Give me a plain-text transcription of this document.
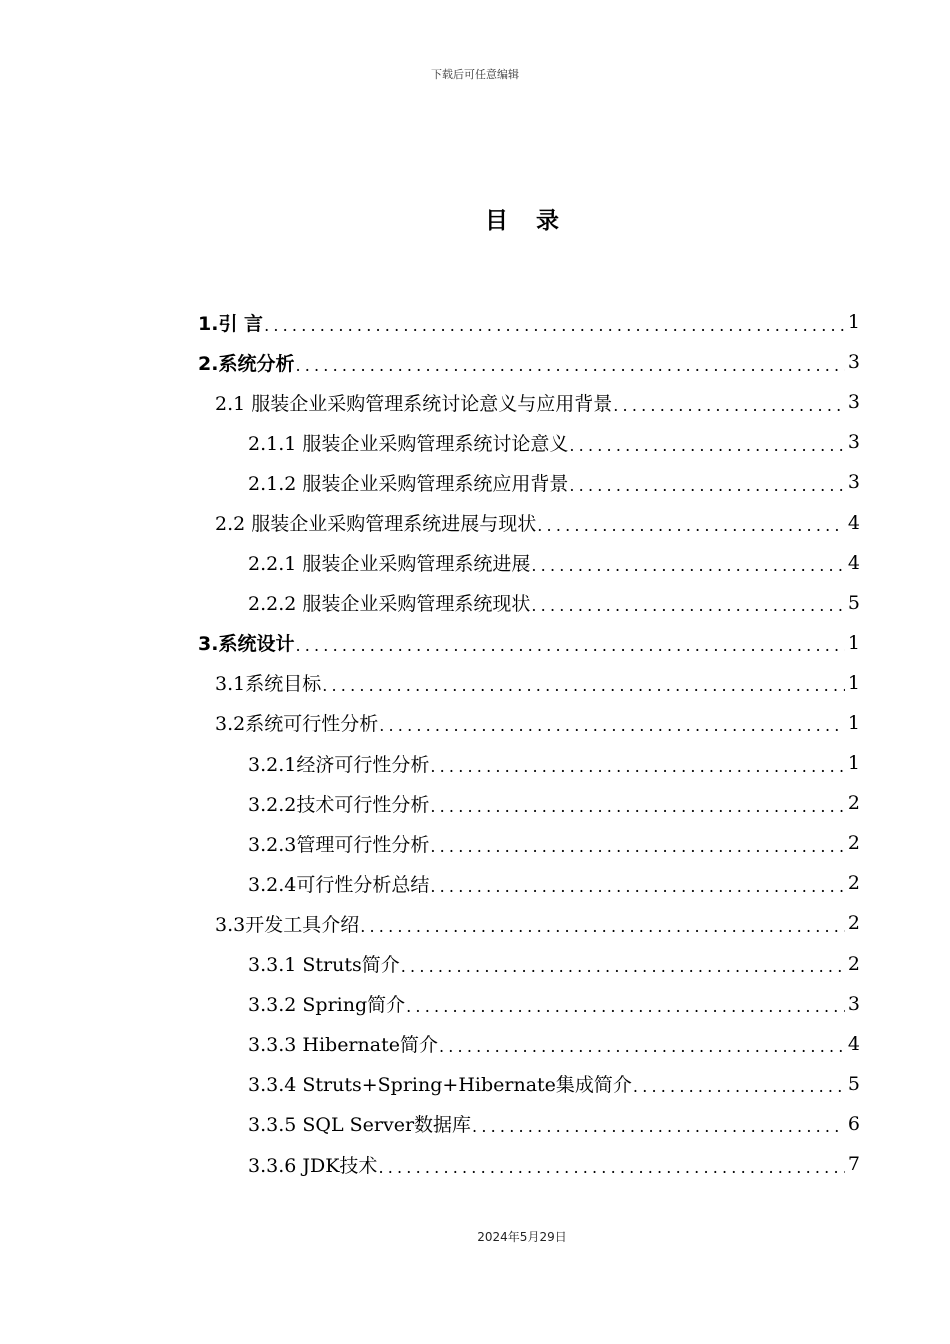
下载后可任意编辑
目录
1.引 言 .....	1
2.系统分析 .....	3
2.1 服装企业采购管理系统讨论意义与应用背景 .....	3
2.1.1 服装企业采购管理系统讨论意义 .....	3
2.1.2 服装企业采购管理系统应用背景 .....	3
2.2 服装企业采购管理系统进展与现状 .....	4
2.2.1 服装企业采购管理系统进展 .....	4
2.2.2 服装企业采购管理系统现状 .....	5
3.系统设计 .....	1
3.1系统目标 .....	1
3.2系统可行性分析 .....	1
3.2.1经济可行性分析 .....	1
3.2.2技术可行性分析 .....	2
3.2.3管理可行性分析 .....	2
3.2.4可行性分析总结 .....	2
3.3开发工具介绍 .....	2
3.3.1 Struts简介 .....	2
3.3.2 Spring简介 .....	3
3.3.3 Hibernate简介 .....	4
3.3.4 Struts+Spring+Hibernate集成简介 .....	5
3.3.5 SQL Server数据库 .....	6
3.3.6 JDK技术 .....	7
2024年5月29日
